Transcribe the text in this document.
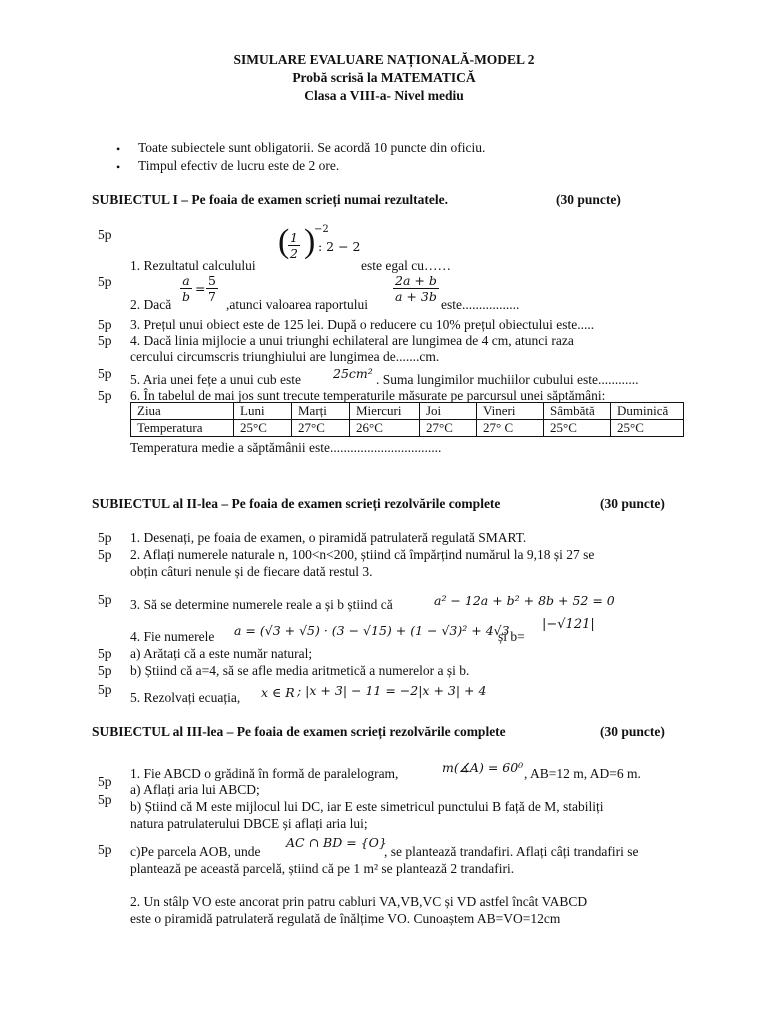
SIMULARE EVALUARE NAȚIONALĂ-MODEL 2
Probă scrisă la MATEMATICĂ
Clasa a VIII-a- Nivel mediu
• Toate subiectele sunt obligatorii. Se acordă 10 puncte din oficiu.
• Timpul efectiv de lucru este de 2 ore.
SUBIECTUL I – Pe foaia de examen scrieți numai rezultatele.	(30 puncte)
5p	(
$\frac{1}{2}$ )
−2
: 2 − 2
1. Rezultatul calculului	este egal cu……
5p
2. Dacă
$\frac{a}{b} = \frac{5}{7}$
,atunci valoarea raportului
$\frac{2a + b}{a + 3b}$
este.................
5p 3. Prețul unui obiect este de 125 lei. După o reducere cu 10% prețul obiectului este.....
5p 4. Dacă linia mijlocie a unui triunghi echilateral are lungimea de 4 cm, atunci raza
cercului circumscris triunghiului are lungimea de.......cm.
5p 5. Aria unei fețe a unui cub este	25cm² . Suma lungimilor muchiilor cubului este............
5p 6. În tabelul de mai jos sunt trecute temperaturile măsurate pe parcursul unei săptămâni:
Ziua	Luni	Marți	Miercuri	Joi	Vineri	Sâmbătă	Duminică
Temperatura	25°C	27°C	26°C	27°C	27° C	25°C	25°C
Temperatura medie a săptămânii este.................................
SUBIECTUL al II-lea – Pe foaia de examen scrieți rezolvările complete	(30 puncte)
5p 1. Desenați, pe foaia de examen, o piramidă patrulateră regulată SMART.
5p 2. Aflați numerele naturale n, 100<n<200, știind că împărțind numărul la 9,18 și 27 se
obțin câturi nenule și de fiecare dată restul 3.
5p 3. Să se determine numerele reale a și b știind că	a² − 12a + b² + 8b + 52 = 0
4. Fie numerele a = (√3 + √5) · (3 − √15) + (1 − √3)² + 4√3
și b=
|−√121|
5p a) Arătați că a este număr natural;
5p b) Știind că a=4, să se afle media aritmetică a numerelor a și b.
5p
5. Rezolvați ecuația, x ∈ R ; |x + 3| − 11 = −2|x + 3| + 4
SUBIECTUL al III-lea – Pe foaia de examen scrieți rezolvările complete	(30 puncte)
1. Fie ABCD o grădină în formă de paralelogram,	m(∡A) = 60⁰ , AB=12 m, AD=6 m.
5p
a) Aflați aria lui ABCD;
5p b) Știind că M este mijlocul lui DC, iar E este simetricul punctului B față de M, stabiliți
natura patrulaterului DBCE și aflați aria lui;
5p c)Pe parcela AOB, unde
AC ∩ BD = {O}
, se plantează trandafiri. Aflați câți trandafiri se
plantează pe această parcelă, știind că pe 1 m² se plantează 2 trandafiri.
2. Un stâlp VO este ancorat prin patru cabluri VA,VB,VC și VD astfel încât VABCD
este o piramidă patrulateră regulată de înălțime VO. Cunoaștem AB=VO=12cm
